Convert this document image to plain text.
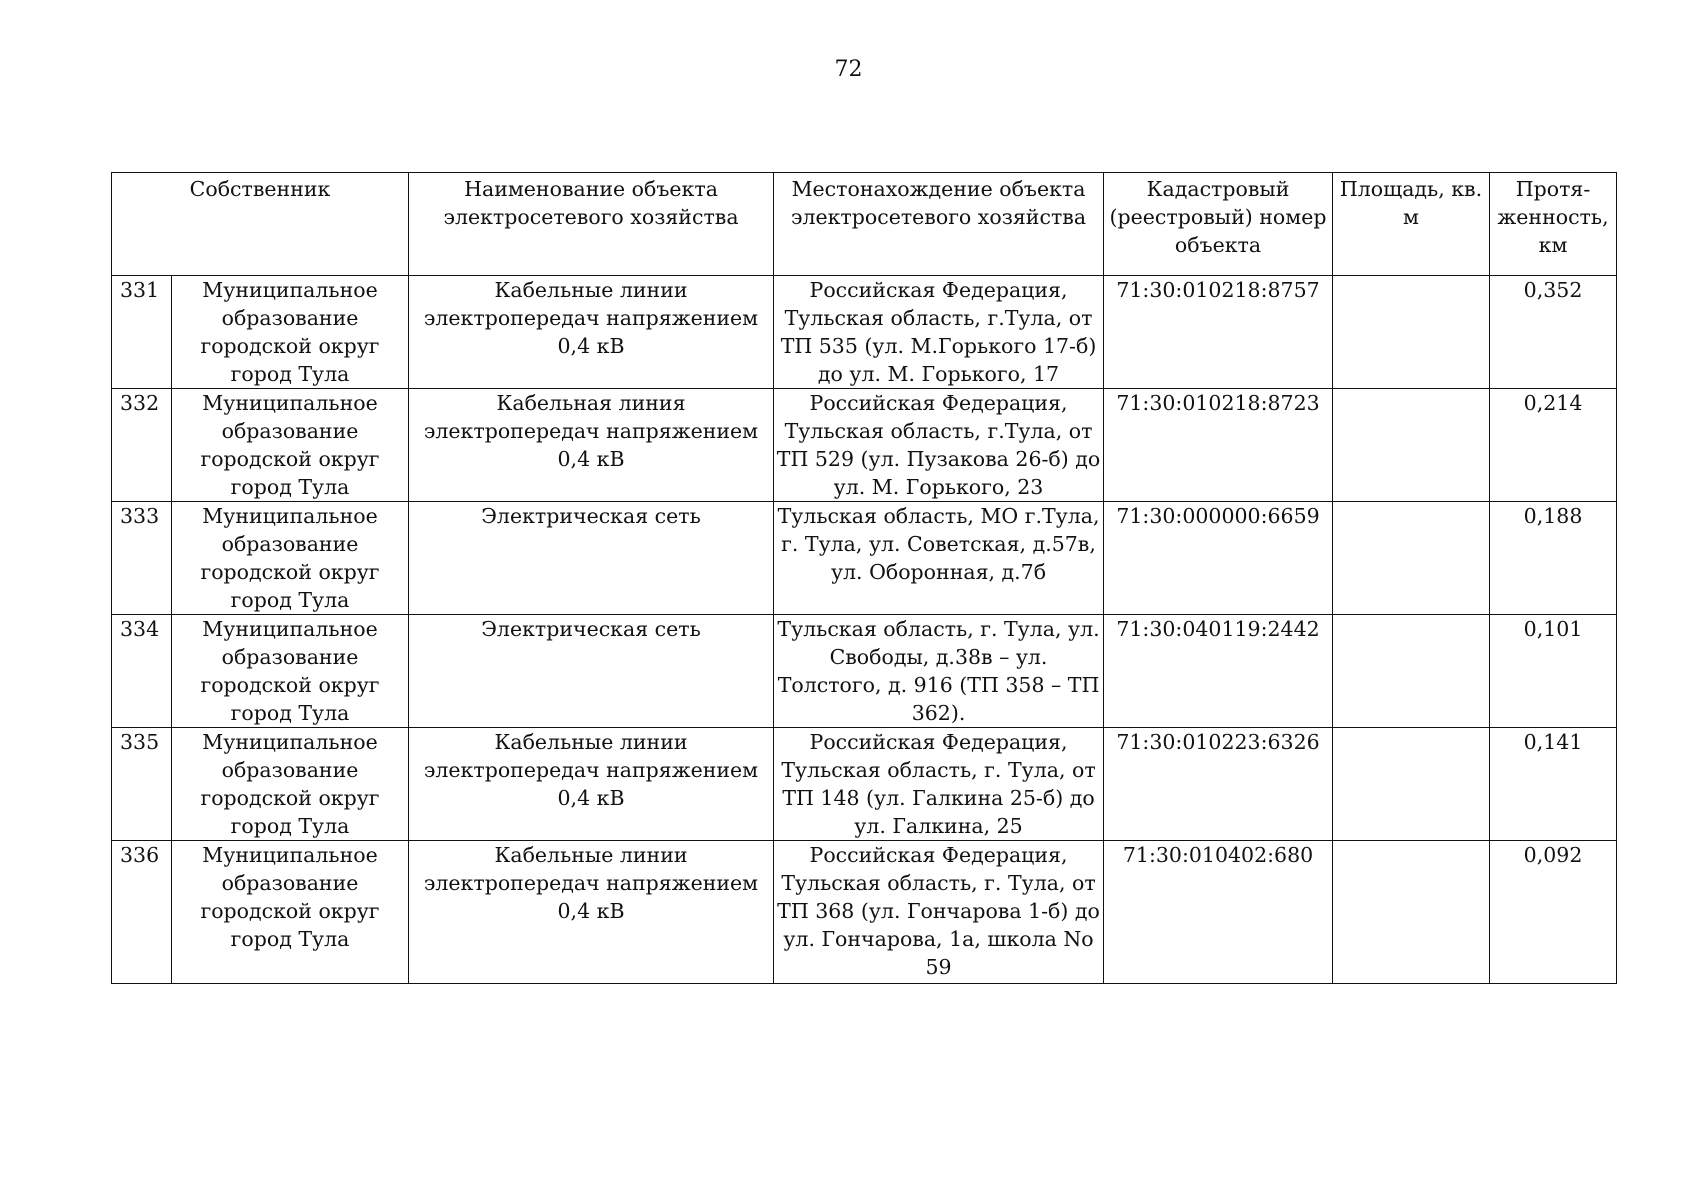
72
Собственник		Наименование объекта электросетевого хозяйства	Местонахождение объекта электросетевого хозяйства	Кадастровый (реестровый) номер объекта	Площадь, кв. м	Протя-женность, км
331	Муниципальное образование городской округ город Тула	Кабельные линии электропередач напряжением 0,4 кВ	Российская Федерация, Тульская область, г.Тула, от ТП 535 (ул. М.Горького 17-б) до ул. М. Горького, 17	71:30:010218:8757		0,352
332	Муниципальное образование городской округ город Тула	Кабельная линия электропередач напряжением 0,4 кВ	Российская Федерация, Тульская область, г.Тула, от ТП 529 (ул. Пузакова 26-б) до ул. М. Горького, 23	71:30:010218:8723		0,214
333	Муниципальное образование городской округ город Тула	Электрическая сеть	Тульская область, МО г.Тула, г. Тула, ул. Советская, д.57в, ул. Оборонная, д.7б	71:30:000000:6659		0,188
334	Муниципальное образование городской округ город Тула	Электрическая сеть	Тульская область, г. Тула, ул. Свободы, д.38в – ул. Толстого, д. 916 (ТП 358 – ТП 362).	71:30:040119:2442		0,101
335	Муниципальное образование городской округ город Тула	Кабельные линии электропередач напряжением 0,4 кВ	Российская Федерация, Тульская область, г. Тула, от ТП 148 (ул. Галкина 25-б) до ул. Галкина, 25	71:30:010223:6326		0,141
336	Муниципальное образование городской округ город Тула	Кабельные линии электропередач напряжением 0,4 кВ	Российская Федерация, Тульская область, г. Тула, от ТП 368 (ул. Гончарова 1-б) до ул. Гончарова, 1а, школа No 59	71:30:010402:680		0,092
